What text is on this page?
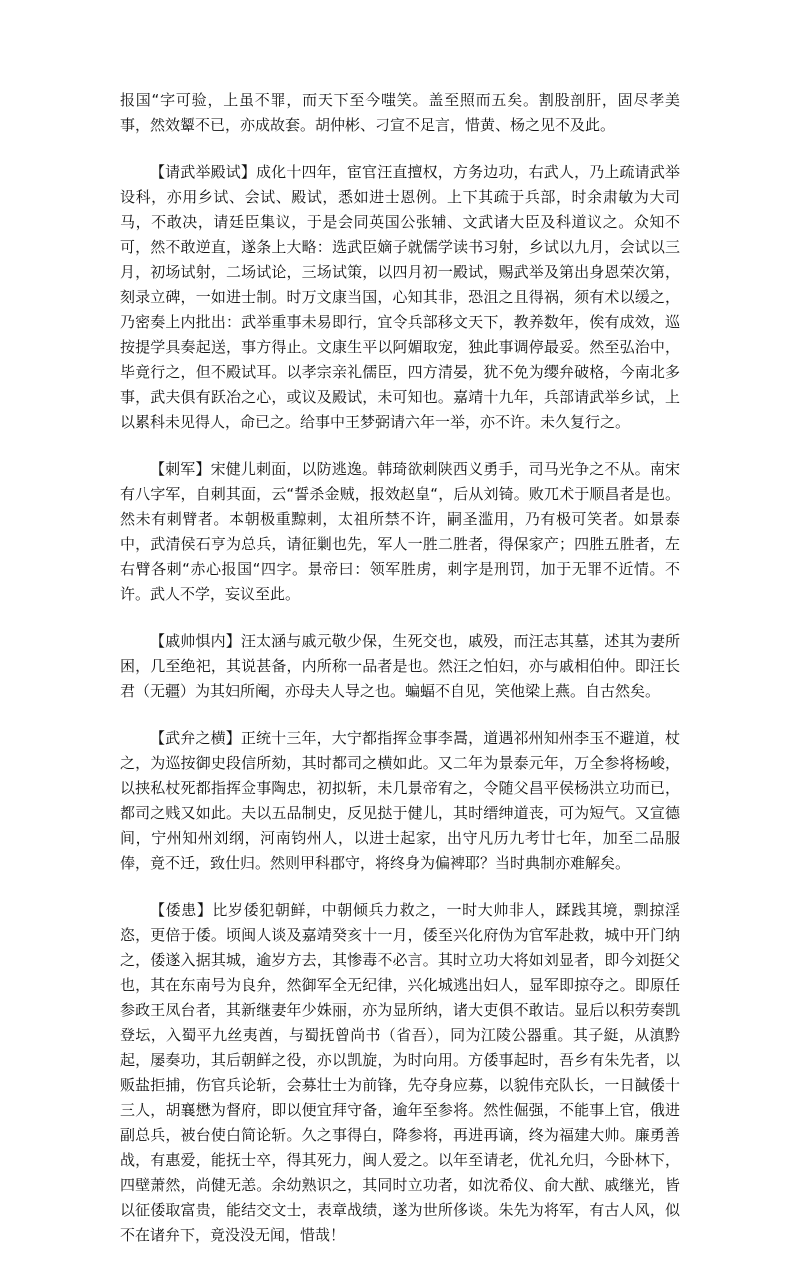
报国“字可验，上虽不罪，而天下至今嗤笑。盖至照而五矣。割股剖肝，固尽孝美事，然效颦不已，亦成故套。胡仲彬、刁宣不足言，惜黄、杨之见不及此。

【请武举殿试】成化十四年，宦官汪直擅权，方务边功，右武人，乃上疏请武举设科，亦用乡试、会试、殿试，悉如进士恩例。上下其疏于兵部，时余肃敏为大司马，不敢决，请廷臣集议，于是会同英国公张辅、文武诸大臣及科道议之。众知不可，然不敢逆直，遂条上大略：选武臣嫡子就儒学读书习射，乡试以九月，会试以三月，初场试射，二场试论，三场试策，以四月初一殿试，赐武举及第出身恩荣次第，刻录立碑，一如进士制。时万文康当国，心知其非，恐沮之且得祸，须有术以缓之，乃密奏上内批出：武举重事未易即行，宜令兵部移文天下，教养数年，俟有成效，巡按提学具奏起送，事方得止。文康生平以阿媚取宠，独此事调停最妥。然至弘治中，毕竟行之，但不殿试耳。以孝宗亲礼儒臣，四方清晏，犹不免为缨弁破格，今南北多事，武夫俱有跃冶之心，或议及殿试，未可知也。嘉靖十九年，兵部请武举乡试，上以累科未见得人，命已之。给事中王梦弼请六年一举，亦不许。未久复行之。

【刺军】宋健儿刺面，以防逃逸。韩琦欲刺陕西义勇手，司马光争之不从。南宋有八字军，自刺其面，云“誓杀金贼，报效赵皇“，后从刘锜。败兀术于顺昌者是也。然未有刺臂者。本朝极重黥刺，太祖所禁不许，嗣圣滥用，乃有极可笑者。如景泰中，武清侯石亨为总兵，请征剿也先，军人一胜二胜者，得保家产；四胜五胜者，左右臂各刺“赤心报国“四字。景帝曰：领军胜虏，刺字是刑罚，加于无罪不近情。不许。武人不学，妄议至此。

【戚帅惧内】汪太涵与戚元敬少保，生死交也，戚殁，而汪志其墓，述其为妻所困，几至绝祀，其说甚备，内所称一品者是也。然汪之怕妇，亦与戚相伯仲。即汪长君（无疆）为其妇所阉，亦母夫人导之也。蝙蝠不自见，笑他梁上燕。自古然矣。

【武弁之横】正统十三年，大宁都指挥佥事李暠，道遇祁州知州李玉不避道，杖之，为巡按御史段信所劾，其时都司之横如此。又二年为景泰元年，万全参将杨峻，以挟私杖死都指挥佥事陶忠，初拟斩，未几景帝宥之，令随父昌平侯杨洪立功而已，都司之贱又如此。夫以五品制史，反见挞于健儿，其时缙绅道丧，可为短气。又宣德间，宁州知州刘纲，河南钧州人，以进士起家，出守凡历九考廿七年，加至二品服俸，竟不迁，致仕归。然则甲科郡守，将终身为偏裨耶？当时典制亦难解矣。

【倭患】比岁倭犯朝鲜，中朝倾兵力救之，一时大帅非人，蹂践其境，剽掠淫恣，更倍于倭。顷闽人谈及嘉靖癸亥十一月，倭至兴化府伪为官军赴救，城中开门纳之，倭遂入据其城，逾岁方去，其惨毒不必言。其时立功大将如刘显者，即今刘挺父也，其在东南号为良弁，然御军全无纪律，兴化城逃出妇人，显军即掠夺之。即原任参政王凤台者，其新继妻年少姝丽，亦为显所纳，诸大吏俱不敢诘。显后以积劳奏凯登坛，入蜀平九丝夷酋，与蜀抚曾尚书（省吾），同为江陵公器重。其子綎，从滇黔起，屡奏功，其后朝鲜之役，亦以凯旋，为时向用。方倭事起时，吾乡有朱先者，以贩盐拒捕，伤官兵论斩，会募壮士为前锋，先夺身应募，以貌伟充队长，一日馘倭十三人，胡襄懋为督府，即以便宜拜守备，逾年至参将。然性倔强，不能事上官，俄进副总兵，被台使白简论斩。久之事得白，降参将，再进再谪，终为福建大帅。廉勇善战，有惠爱，能抚士卒，得其死力，闽人爱之。以年至请老，优礼允归，今卧林下，四壁萧然，尚健无恙。余幼熟识之，其同时立功者，如沈希仪、俞大猷、戚继光，皆以征倭取富贵，能结交文士，表章战绩，遂为世所侈谈。朱先为将军，有古人风，似不在诸弁下，竟没没无闻，惜哉！
